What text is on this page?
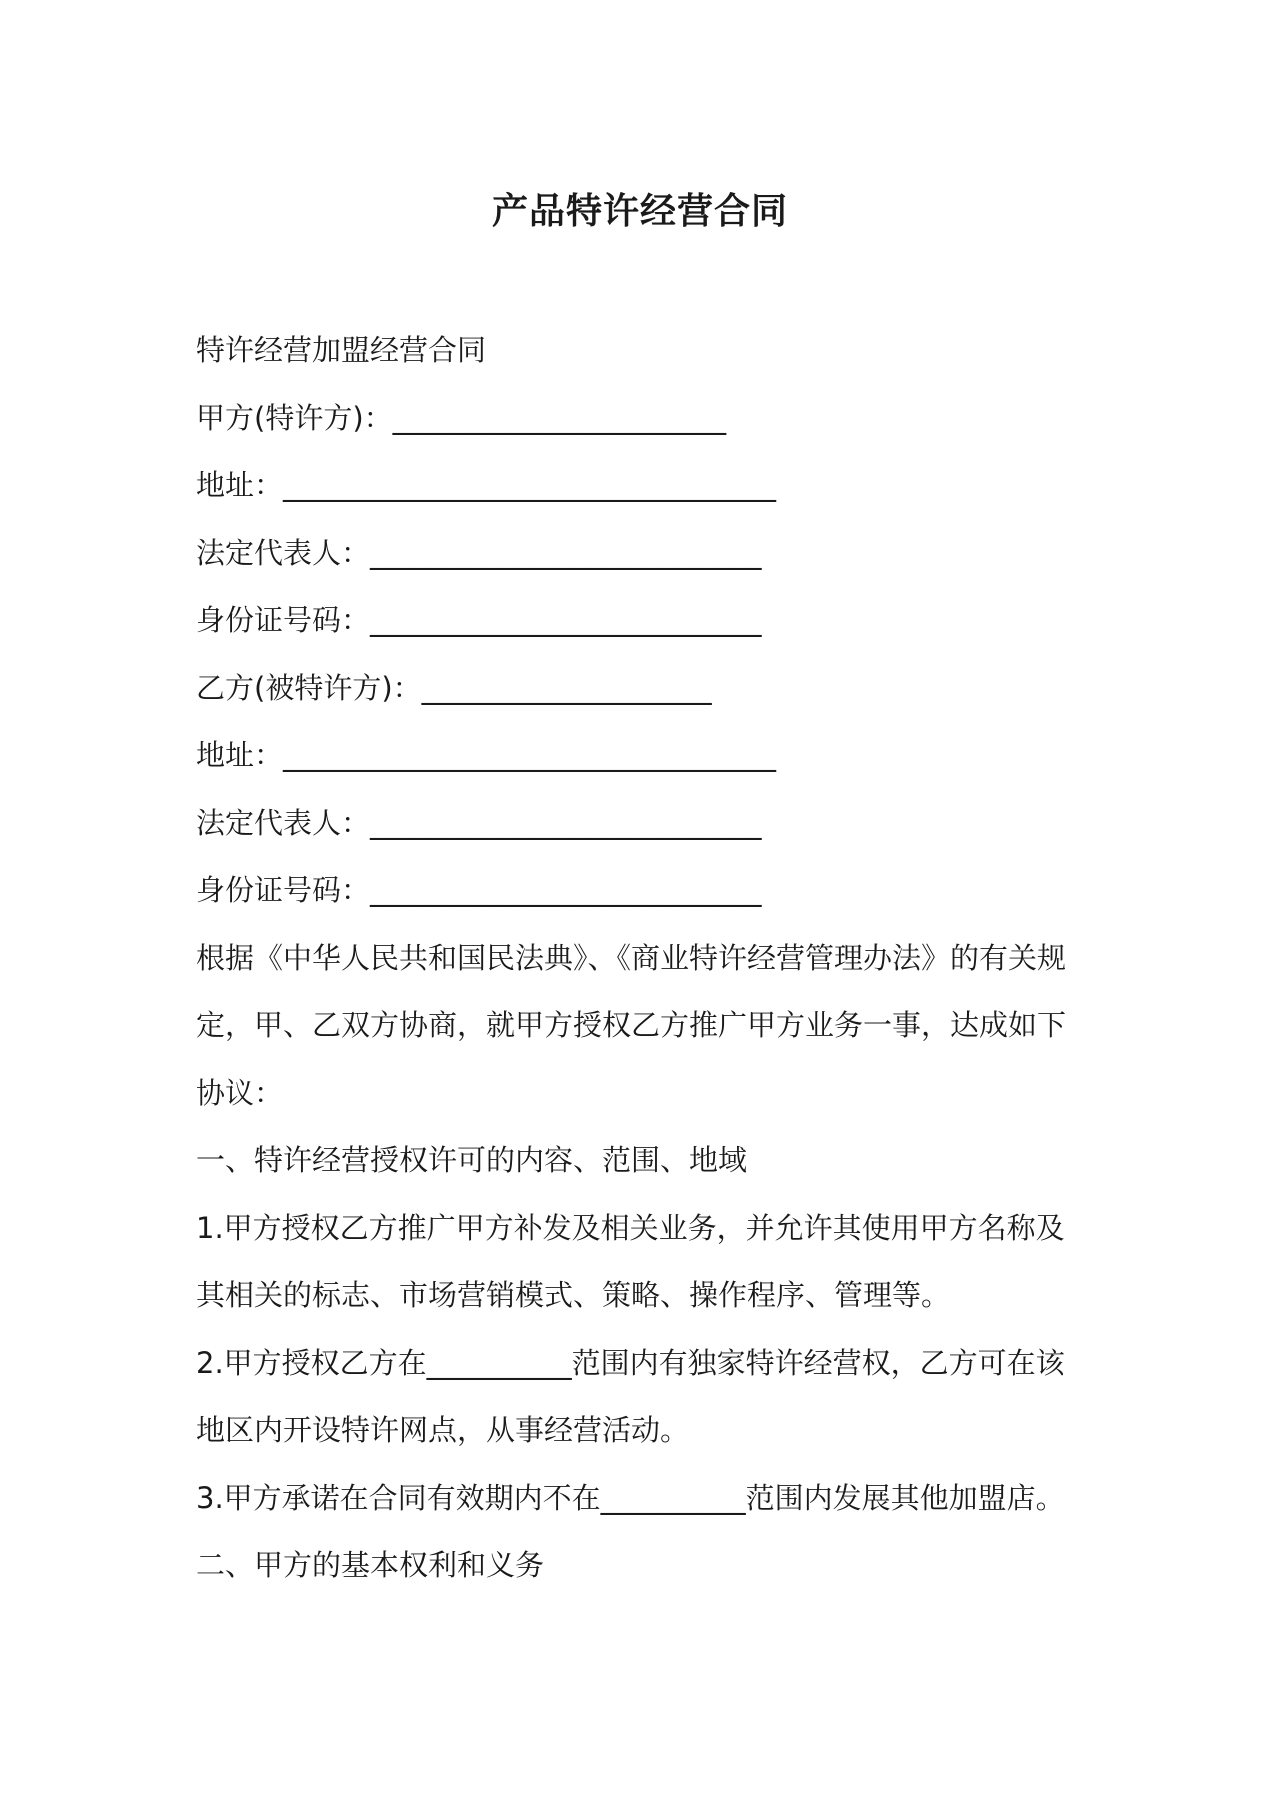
产品特许经营合同
特许经营加盟经营合同
甲方(特许方)：_______________________
地址：__________________________________
法定代表人：___________________________
身份证号码：___________________________
乙方(被特许方)：____________________
地址：__________________________________
法定代表人：___________________________
身份证号码：___________________________
根据《中华人民共和国民法典》、《商业特许经营管理办法》的有关规
定，甲、乙双方协商，就甲方授权乙方推广甲方业务一事，达成如下
协议：
一、特许经营授权许可的内容、范围、地域
1.甲方授权乙方推广甲方补发及相关业务，并允许其使用甲方名称及
其相关的标志、市场营销模式、策略、操作程序、管理等。
2.甲方授权乙方在__________范围内有独家特许经营权，乙方可在该
地区内开设特许网点，从事经营活动。
3.甲方承诺在合同有效期内不在__________范围内发展其他加盟店。
二、甲方的基本权利和义务
